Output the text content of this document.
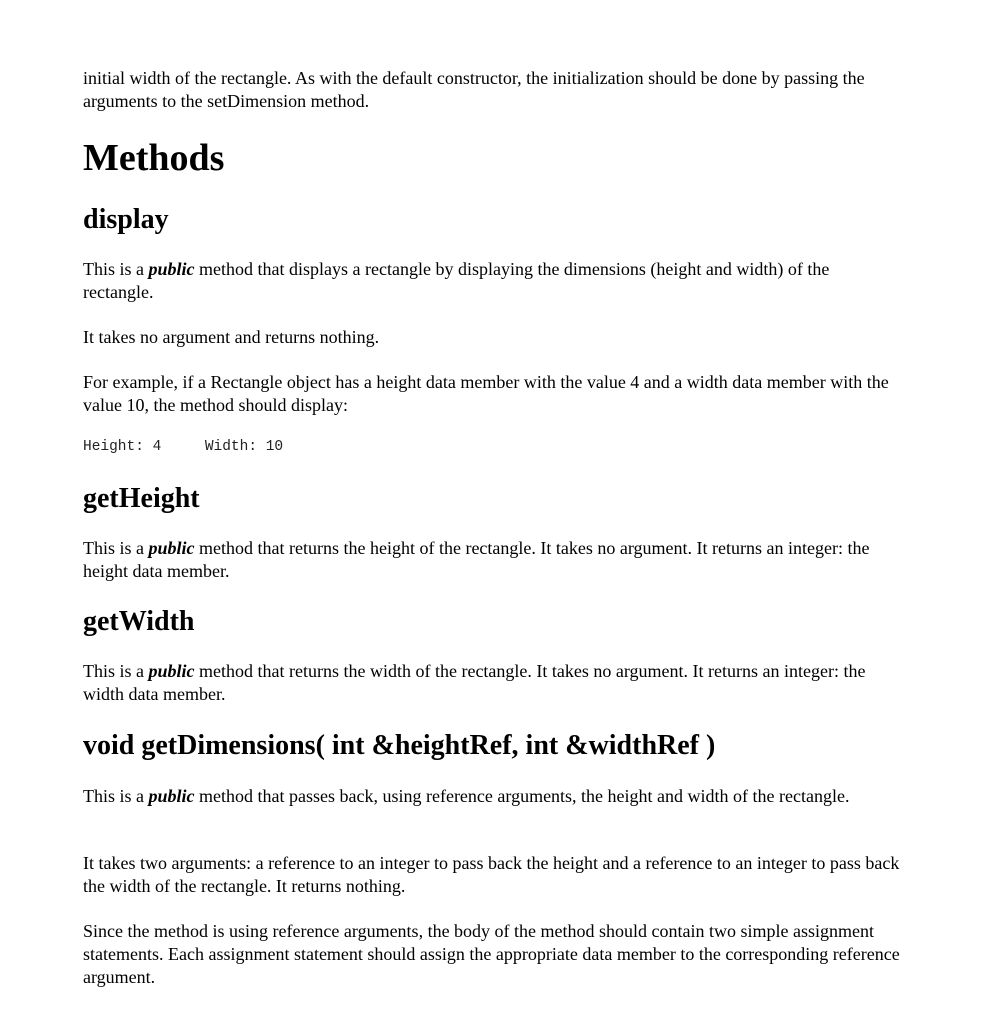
initial width of the rectangle. As with the default constructor, the initialization should be done by passing the arguments to the setDimension method.

Methods
display

This is a public method that displays a rectangle by displaying the dimensions (height and width) of the rectangle.

It takes no argument and returns nothing.

For example, if a Rectangle object has a height data member with the value 4 and a width data member with the value 10, the method should display:

Height: 4     Width: 10
getHeight

This is a public method that returns the height of the rectangle. It takes no argument. It returns an integer: the height data member.

getWidth

This is a public method that returns the width of the rectangle. It takes no argument. It returns an integer: the width data member.

void getDimensions( int &heightRef, int &widthRef )

This is a public method that passes back, using reference arguments, the height and width of the rectangle.

It takes two arguments: a reference to an integer to pass back the height and a reference to an integer to pass back the width of the rectangle. It returns nothing.

Since the method is using reference arguments, the body of the method should contain two simple assignment statements. Each assignment statement should assign the appropriate data member to the corresponding reference argument.
